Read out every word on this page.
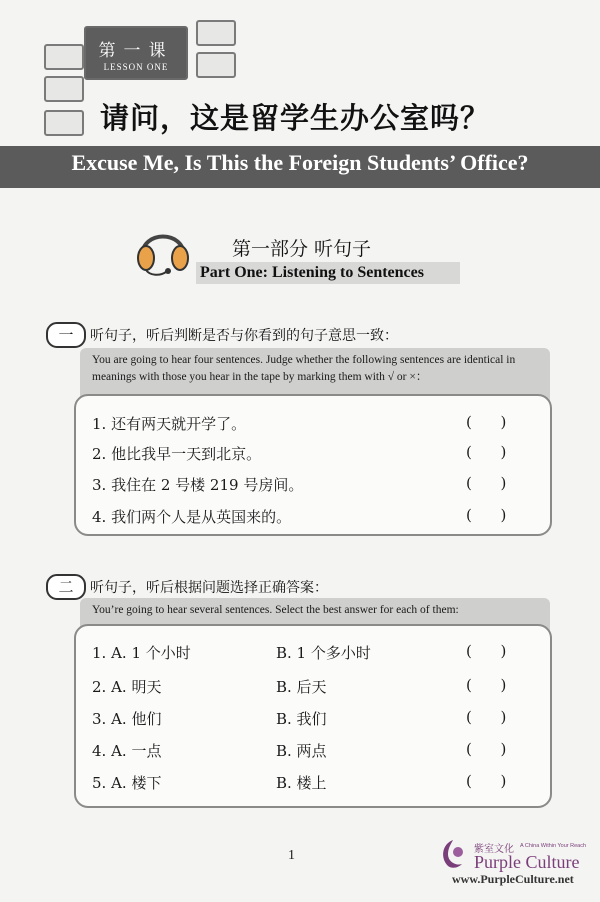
第一课
LESSON ONE
请问，这是留学生办公室吗？
Excuse Me, Is This the Foreign Students’ Office?
第一部分 听句子
Part One: Listening to Sentences
一	听句子，听后判断是否与你看到的句子意思一致：
You are going to hear four sentences. Judge whether the following sentences are identical in meanings with those you hear in the tape by marking them with √ or ×：
1. 还有两天就开学了。	(      )
2. 他比我早一天到北京。	(      )
3. 我住在 2 号楼 219 号房间。	(      )
4. 我们两个人是从英国来的。	(      )
二	听句子，听后根据问题选择正确答案：
You’re going to hear several sentences. Select the best answer for each of them:
1. A. 1 个小时	B. 1 个多小时	(      )
2. A. 明天	B. 后天	(      )
3. A. 他们	B. 我们	(      )
4. A. 一点	B. 两点	(      )
5. A. 楼下	B. 楼上	(      )
1	紫室文化 A China Within Your Reach
Purple Culture
www.PurpleCulture.net
